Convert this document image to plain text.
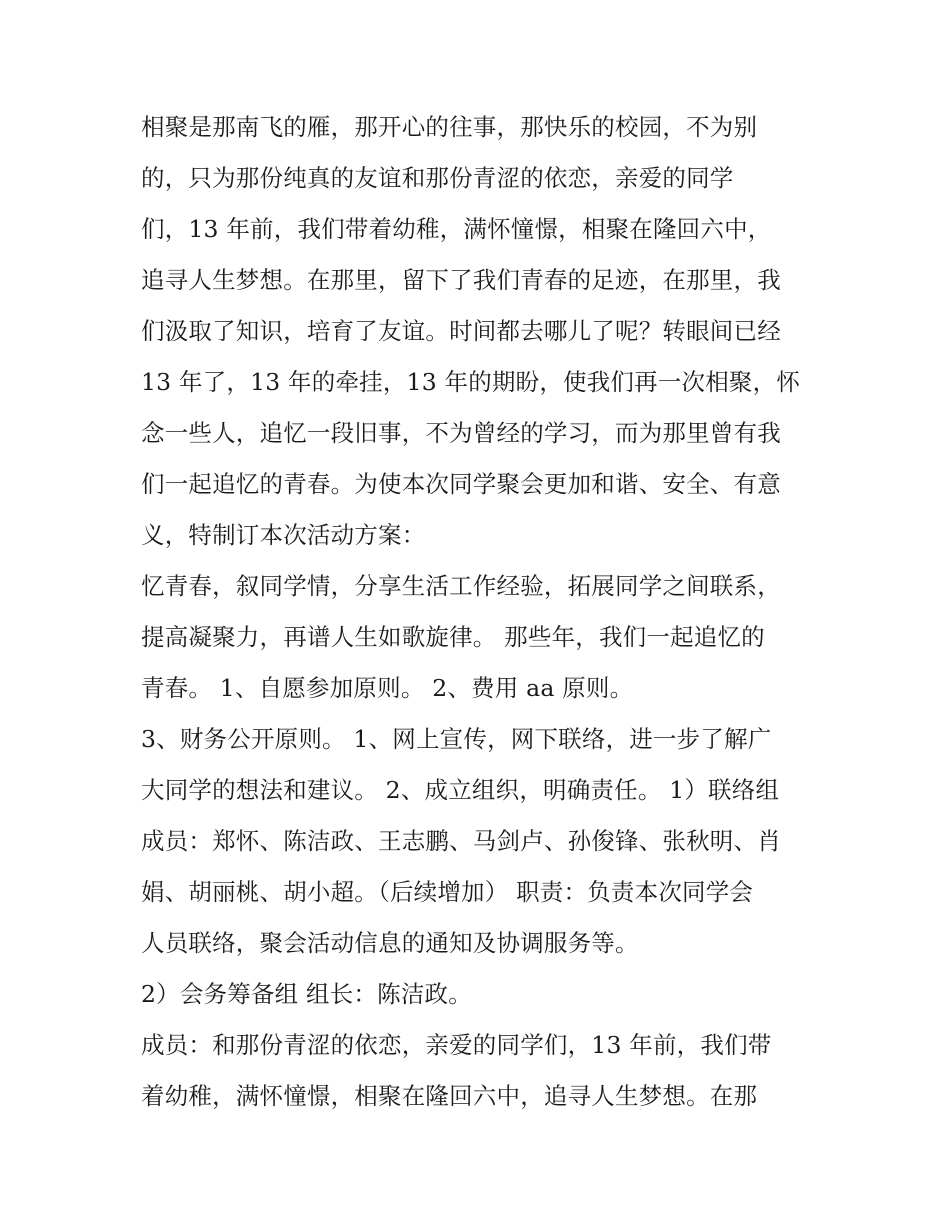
相聚是那南飞的雁，那开心的往事，那快乐的校园，不为别
的，只为那份纯真的友谊和那份青涩的依恋，亲爱的同学
们，13 年前，我们带着幼稚，满怀憧憬，相聚在隆回六中，
追寻人生梦想。在那里，留下了我们青春的足迹，在那里，我
们汲取了知识，培育了友谊。时间都去哪儿了呢？转眼间已经
13 年了，13 年的牵挂，13 年的期盼，使我们再一次相聚，怀
念一些人，追忆一段旧事，不为曾经的学习，而为那里曾有我
们一起追忆的青春。为使本次同学聚会更加和谐、安全、有意
义，特制订本次活动方案：
忆青春，叙同学情，分享生活工作经验，拓展同学之间联系，
提高凝聚力，再谱人生如歌旋律。 那些年，我们一起追忆的
青春。 1、自愿参加原则。 2、费用 aa 原则。
3、财务公开原则。 1、网上宣传，网下联络，进一步了解广
大同学的想法和建议。 2、成立组织，明确责任。 1）联络组
成员：郑怀、陈洁政、王志鹏、马剑卢、孙俊锋、张秋明、肖
娟、胡丽桃、胡小超。（后续增加） 职责：负责本次同学会
人员联络，聚会活动信息的通知及协调服务等。
2）会务筹备组 组长：陈洁政。
成员：和那份青涩的依恋，亲爱的同学们，13 年前，我们带
着幼稚，满怀憧憬，相聚在隆回六中，追寻人生梦想。在那
